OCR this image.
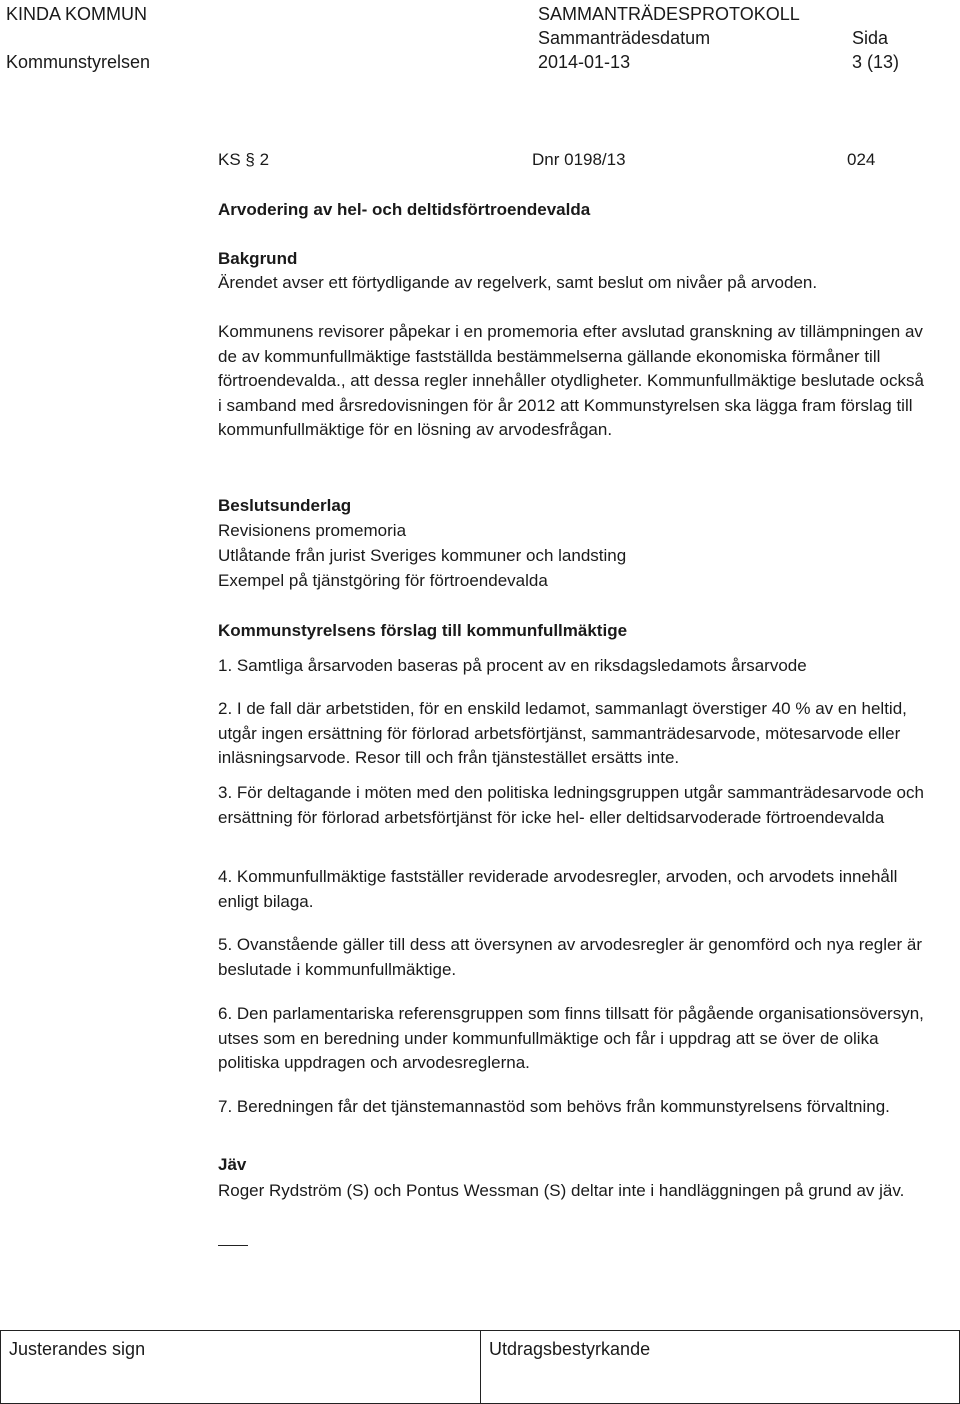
KINDA KOMMUN
Kommunstyrelsen
SAMMANTRÄDESPROTOKOLL
Sammanträdesdatum
2014-01-13
Sida
3 (13)
KS § 2	Dnr 0198/13	024
Arvodering av hel- och deltidsförtroendevalda
Bakgrund
Ärendet avser ett förtydligande av regelverk, samt beslut om nivåer på arvoden.

Kommunens revisorer påpekar i en promemoria efter avslutad granskning av tillämpningen av de av kommunfullmäktige fastställda bestämmelserna gällande ekonomiska förmåner till förtroendevalda., att dessa regler innehåller otydligheter. Kommunfullmäktige beslutade också i samband med årsredovisningen för år 2012 att Kommunstyrelsen ska lägga fram förslag till kommunfullmäktige för en lösning av arvodesfrågan.

Beslutsunderlag
Revisionens promemoria
Utlåtande från jurist Sveriges kommuner och landsting
Exempel på tjänstgöring för förtroendevalda
Kommunstyrelsens förslag till kommunfullmäktige
1. Samtliga årsarvoden baseras på procent av en riksdagsledamots årsarvode
2. I de fall där arbetstiden, för en enskild ledamot, sammanlagt överstiger 40 % av en heltid, utgår ingen ersättning för förlorad arbetsförtjänst, sammanträdesarvode, mötesarvode eller inläsningsarvode. Resor till och från tjänstestället ersätts inte.
3. För deltagande i möten med den politiska ledningsgruppen utgår sammanträdesarvode och ersättning för förlorad arbetsförtjänst för icke hel- eller deltidsarvoderade förtroendevalda
4. Kommunfullmäktige fastställer reviderade arvodesregler, arvoden, och arvodets innehåll enligt bilaga.
5. Ovanstående gäller till dess att översynen av arvodesregler är genomförd och nya regler är beslutade i kommunfullmäktige.
6. Den parlamentariska referensgruppen som finns tillsatt för pågående organisationsöversyn, utses som en beredning under kommunfullmäktige och får i uppdrag att se över de olika politiska uppdragen och arvodesreglerna.
7. Beredningen får det tjänstemannastöd som behövs från kommunstyrelsens förvaltning.
Jäv
Roger Rydström (S) och Pontus Wessman (S) deltar inte i handläggningen på grund av jäv.
Justerandes sign	Utdragsbestyrkande
